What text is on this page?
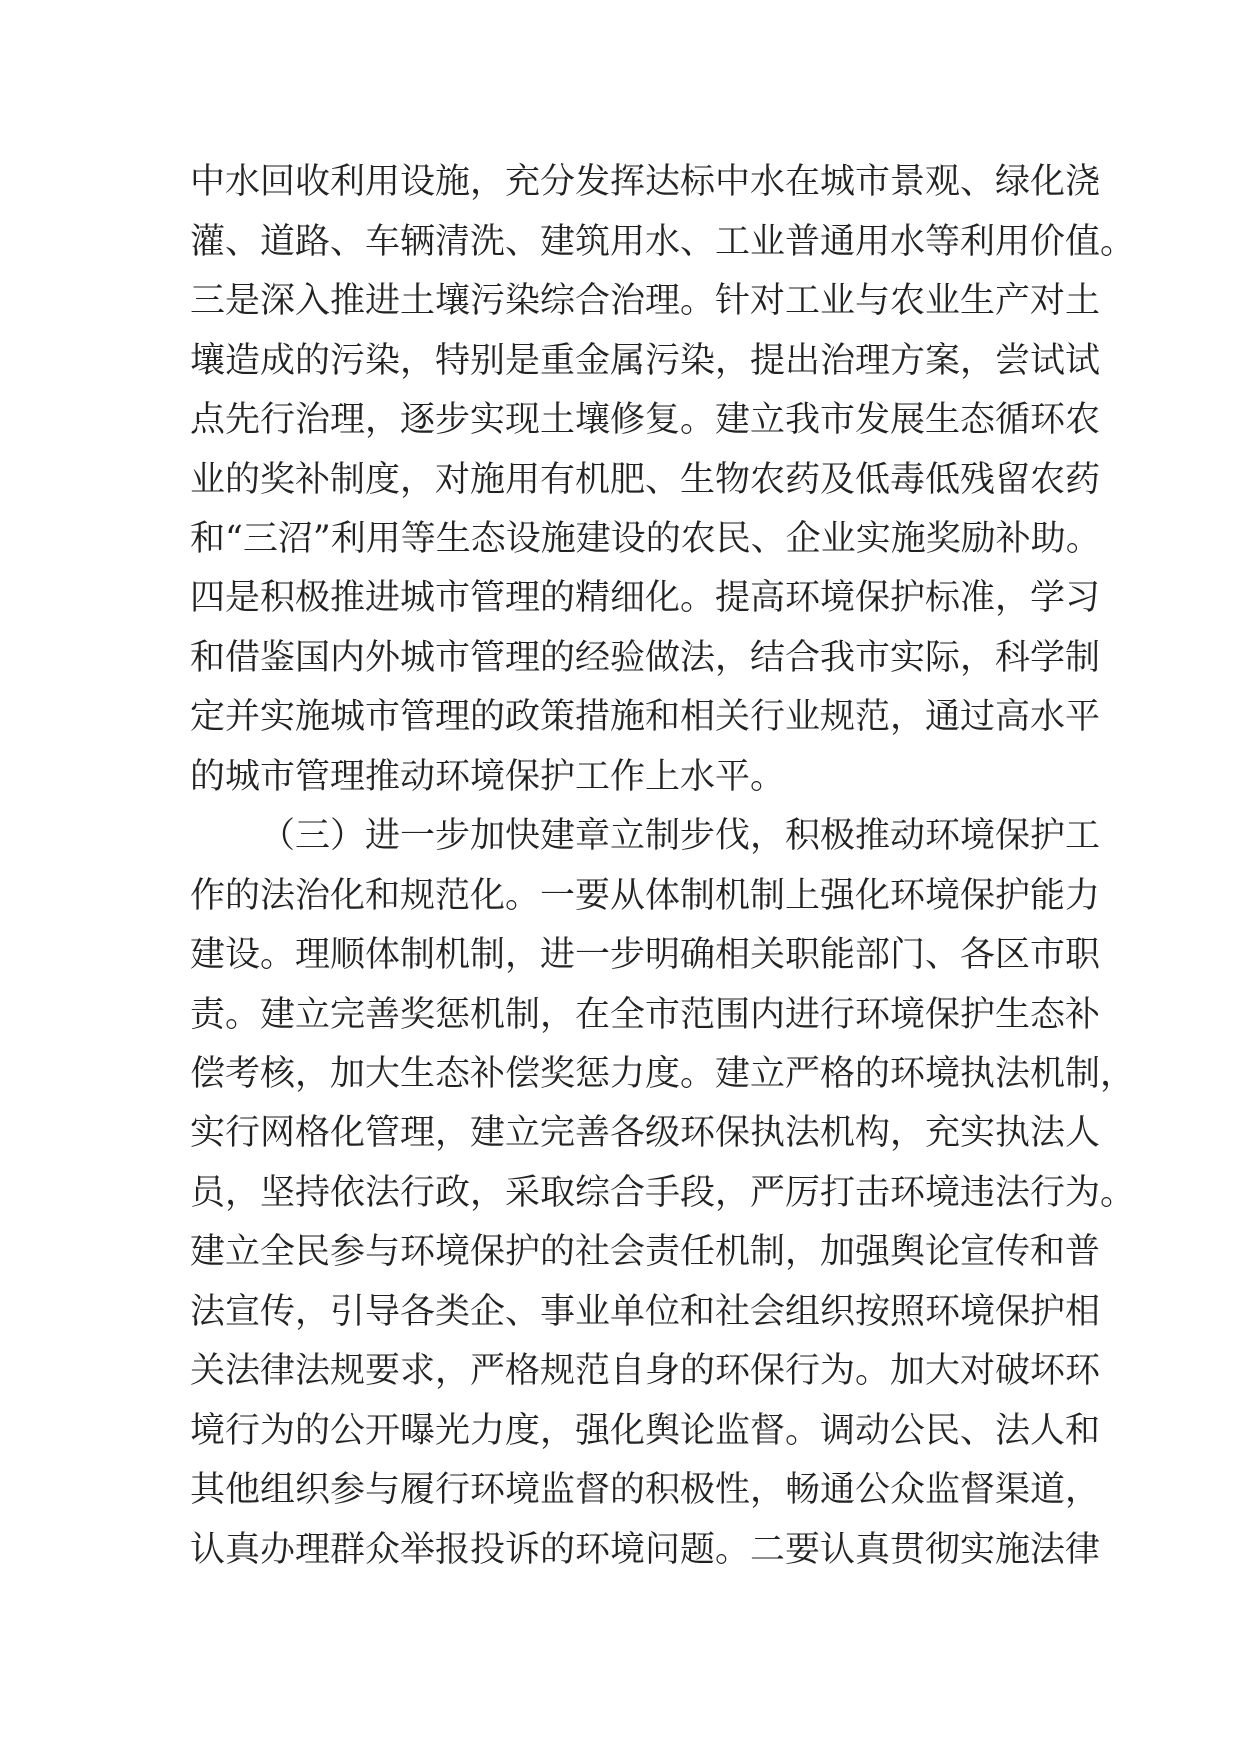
中水回收利用设施，充分发挥达标中水在城市景观、绿化浇
灌、道路、车辆清洗、建筑用水、工业普通用水等利用价值。
三是深入推进土壤污染综合治理。针对工业与农业生产对土
壤造成的污染，特别是重金属污染，提出治理方案，尝试试
点先行治理，逐步实现土壤修复。建立我市发展生态循环农
业的奖补制度，对施用有机肥、生物农药及低毒低残留农药
和“三沼”利用等生态设施建设的农民、企业实施奖励补助。
四是积极推进城市管理的精细化。提高环境保护标准，学习
和借鉴国内外城市管理的经验做法，结合我市实际，科学制
定并实施城市管理的政策措施和相关行业规范，通过高水平
的城市管理推动环境保护工作上水平。
（三）进一步加快建章立制步伐，积极推动环境保护工
作的法治化和规范化。一要从体制机制上强化环境保护能力
建设。理顺体制机制，进一步明确相关职能部门、各区市职
责。建立完善奖惩机制，在全市范围内进行环境保护生态补
偿考核，加大生态补偿奖惩力度。建立严格的环境执法机制，
实行网格化管理，建立完善各级环保执法机构，充实执法人
员，坚持依法行政，采取综合手段，严厉打击环境违法行为。
建立全民参与环境保护的社会责任机制，加强舆论宣传和普
法宣传，引导各类企、事业单位和社会组织按照环境保护相
关法律法规要求，严格规范自身的环保行为。加大对破坏环
境行为的公开曝光力度，强化舆论监督。调动公民、法人和
其他组织参与履行环境监督的积极性，畅通公众监督渠道，
认真办理群众举报投诉的环境问题。二要认真贯彻实施法律
